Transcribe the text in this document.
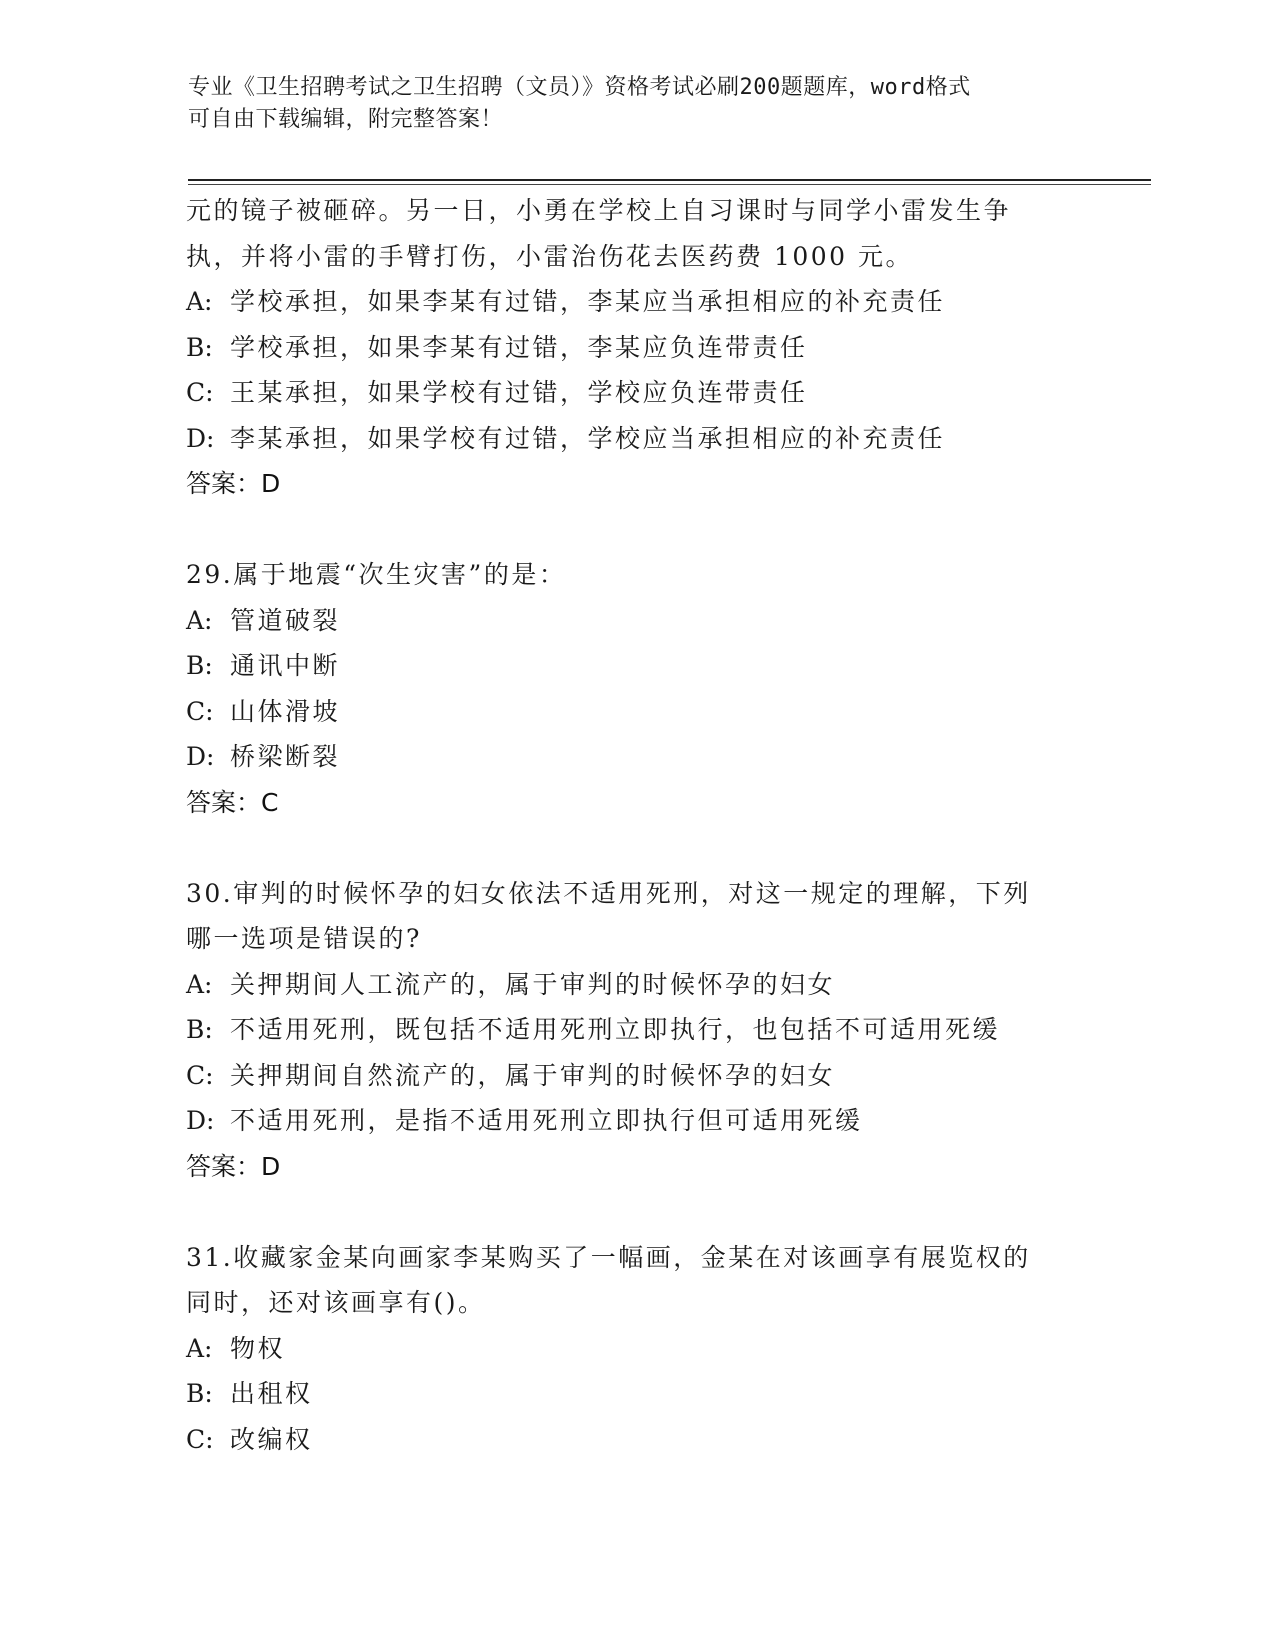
专业《卫生招聘考试之卫生招聘（文员）》资格考试必刷200题题库，word格式
可自由下载编辑，附完整答案！
元的镜子被砸碎。另一日，小勇在学校上自习课时与同学小雷发生争
执，并将小雷的手臂打伤，小雷治伤花去医药费 1000 元。
A: 学校承担，如果李某有过错，李某应当承担相应的补充责任
B: 学校承担，如果李某有过错，李某应负连带责任
C: 王某承担，如果学校有过错，学校应负连带责任
D: 李某承担，如果学校有过错，学校应当承担相应的补充责任
答案：D
29.属于地震“次生灾害”的是：
A: 管道破裂
B: 通讯中断
C: 山体滑坡
D: 桥梁断裂
答案：C
30.审判的时候怀孕的妇女依法不适用死刑，对这一规定的理解，下列
哪一选项是错误的?
A: 关押期间人工流产的，属于审判的时候怀孕的妇女
B: 不适用死刑，既包括不适用死刑立即执行，也包括不可适用死缓
C: 关押期间自然流产的，属于审判的时候怀孕的妇女
D: 不适用死刑，是指不适用死刑立即执行但可适用死缓
答案：D
31.收藏家金某向画家李某购买了一幅画，金某在对该画享有展览权的
同时，还对该画享有()。
A: 物权
B: 出租权
C: 改编权
